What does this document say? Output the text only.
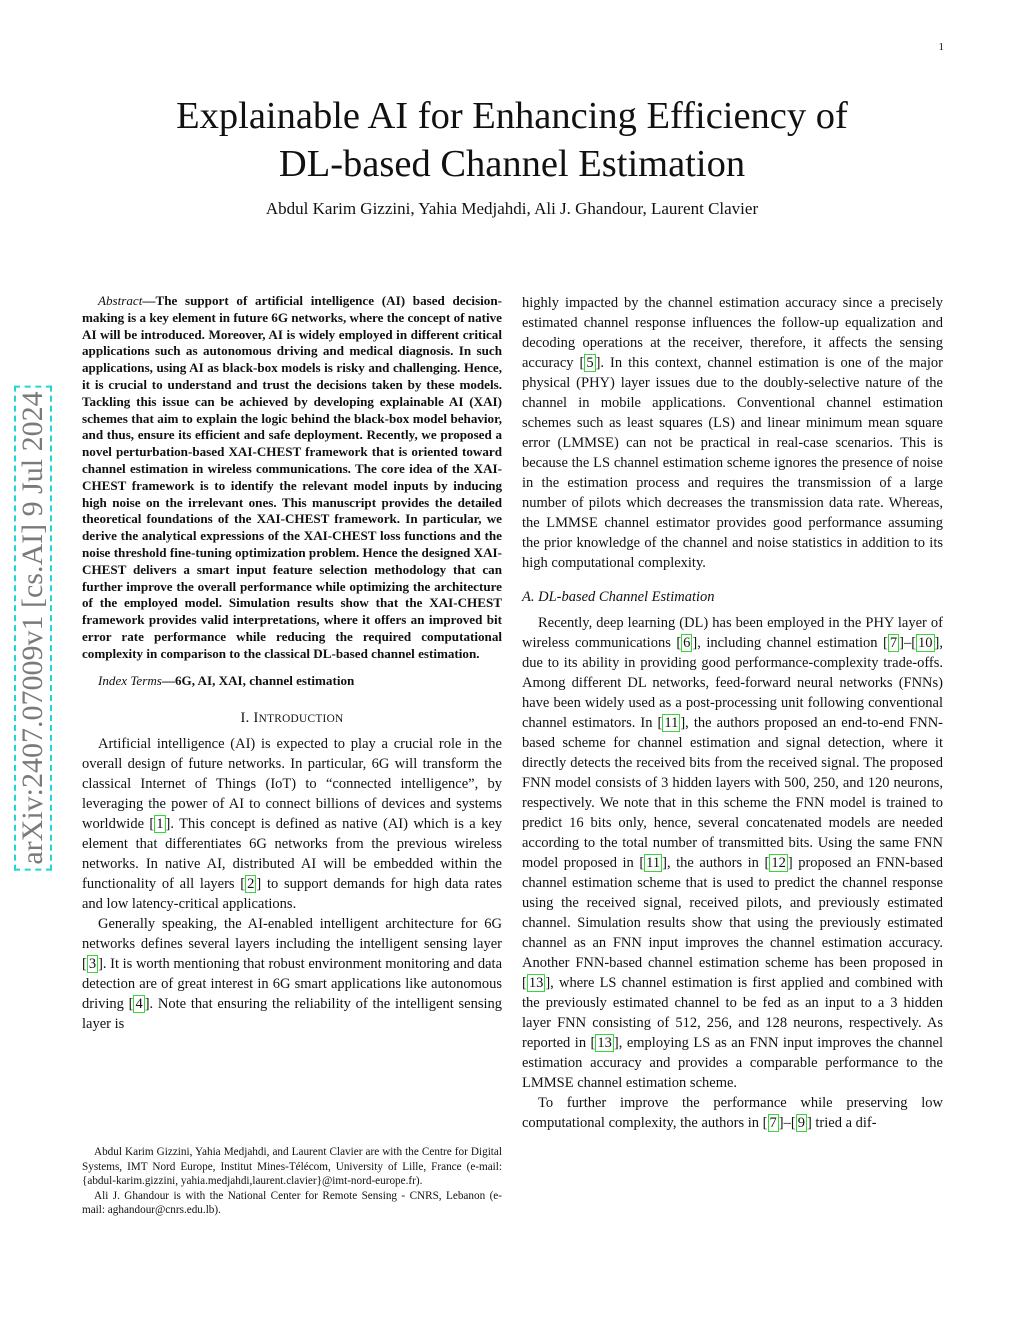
1
arXiv:2407.07009v1 [cs.AI] 9 Jul 2024
Explainable AI for Enhancing Efficiency of
DL-based Channel Estimation
Abdul Karim Gizzini, Yahia Medjahdi, Ali J. Ghandour, Laurent Clavier

Abstract—The support of artificial intelligence (AI) based decision-making is a key element in future 6G networks, where the concept of native AI will be introduced. Moreover, AI is widely employed in different critical applications such as autonomous driving and medical diagnosis. In such applications, using AI as black-box models is risky and challenging. Hence, it is crucial to understand and trust the decisions taken by these models. Tackling this issue can be achieved by developing explainable AI (XAI) schemes that aim to explain the logic behind the black-box model behavior, and thus, ensure its efficient and safe deployment. Recently, we proposed a novel perturbation-based XAI-CHEST framework that is oriented toward channel estimation in wireless communications. The core idea of the XAI-CHEST framework is to identify the relevant model inputs by inducing high noise on the irrelevant ones. This manuscript provides the detailed theoretical foundations of the XAI-CHEST framework. In particular, we derive the analytical expressions of the XAI-CHEST loss functions and the noise threshold fine-tuning optimization problem. Hence the designed XAI-CHEST delivers a smart input feature selection methodology that can further improve the overall performance while optimizing the architecture of the employed model. Simulation results show that the XAI-CHEST framework provides valid interpretations, where it offers an improved bit error rate performance while reducing the required computational complexity in comparison to the classical DL-based channel estimation.

Index Terms—6G, AI, XAI, channel estimation

I. INTRODUCTION

Artificial intelligence (AI) is expected to play a crucial role in the overall design of future networks. In particular, 6G will transform the classical Internet of Things (IoT) to “connected intelligence”, by leveraging the power of AI to connect billions of devices and systems worldwide [ 1 ]. This concept is defined as native (AI) which is a key element that differentiates 6G networks from the previous wireless networks. In native AI, distributed AI will be embedded within the functionality of all layers [ 2 ] to support demands for high data rates and low latency-critical applications.

Generally speaking, the AI-enabled intelligent architecture for 6G networks defines several layers including the intelligent sensing layer [ 3 ]. It is worth mentioning that robust environment monitoring and data detection are of great interest in 6G smart applications like autonomous driving [ 4 ]. Note that ensuring the reliability of the intelligent sensing layer is

highly impacted by the channel estimation accuracy since a precisely estimated channel response influences the follow-up equalization and decoding operations at the receiver, therefore, it affects the sensing accuracy [ 5 ]. In this context, channel estimation is one of the major physical (PHY) layer issues due to the doubly-selective nature of the channel in mobile applications. Conventional channel estimation schemes such as least squares (LS) and linear minimum mean square error (LMMSE) can not be practical in real-case scenarios. This is because the LS channel estimation scheme ignores the presence of noise in the estimation process and requires the transmission of a large number of pilots which decreases the transmission data rate. Whereas, the LMMSE channel estimator provides good performance assuming the prior knowledge of the channel and noise statistics in addition to its high computational complexity.

A. DL-based Channel Estimation

Recently, deep learning (DL) has been employed in the PHY layer of wireless communications [ 6 ], including channel estimation [ 7 ]–[ 10 ], due to its ability in providing good performance-complexity trade-offs. Among different DL networks, feed-forward neural networks (FNNs) have been widely used as a post-processing unit following conventional channel estimators. In [ 11 ], the authors proposed an end-to-end FNN-based scheme for channel estimation and signal detection, where it directly detects the received bits from the received signal. The proposed FNN model consists of 3 hidden layers with 500, 250, and 120 neurons, respectively. We note that in this scheme the FNN model is trained to predict 16 bits only, hence, several concatenated models are needed according to the total number of transmitted bits. Using the same FNN model proposed in [ 11 ], the authors in [ 12 ] proposed an FNN-based channel estimation scheme that is used to predict the channel response using the received signal, received pilots, and previously estimated channel. Simulation results show that using the previously estimated channel as an FNN input improves the channel estimation accuracy. Another FNN-based channel estimation scheme has been proposed in [ 13 ], where LS channel estimation is first applied and combined with the previously estimated channel to be fed as an input to a 3 hidden layer FNN consisting of 512, 256, and 128 neurons, respectively. As reported in [ 13 ], employing LS as an FNN input improves the channel estimation accuracy and provides a comparable performance to the LMMSE channel estimation scheme.

To further improve the performance while preserving low computational complexity, the authors in [ 7 ]–[ 9 ] tried a dif-

Abdul Karim Gizzini, Yahia Medjahdi, and Laurent Clavier are with the Centre for Digital Systems, IMT Nord Europe, Institut Mines-Télécom, University of Lille, France (e-mail: {abdul-karim.gizzini, yahia.medjahdi,laurent.clavier}@imt-nord-europe.fr).

Ali J. Ghandour is with the National Center for Remote Sensing - CNRS, Lebanon (e-mail: aghandour@cnrs.edu.lb).
